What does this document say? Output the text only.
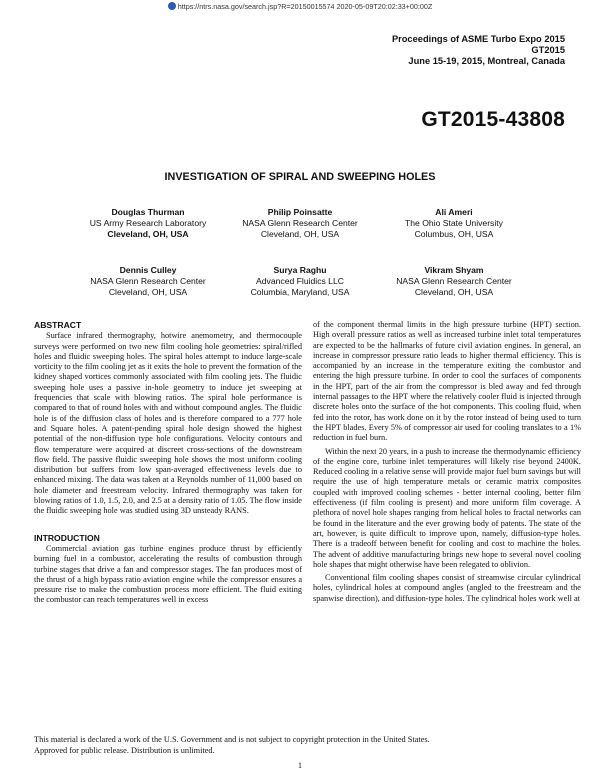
https://ntrs.nasa.gov/search.jsp?R=20150015574 2020-05-09T20:02:33+00:00Z
Proceedings of ASME Turbo Expo 2015
GT2015
June 15-19, 2015, Montreal, Canada
GT2015-43808
INVESTIGATION OF SPIRAL AND SWEEPING HOLES
Douglas Thurman
US Army Research Laboratory
Cleveland, OH, USA
Philip Poinsatte
NASA Glenn Research Center
Cleveland, OH, USA
Ali Ameri
The Ohio State University
Columbus, OH, USA
Dennis Culley
NASA Glenn Research Center
Cleveland, OH, USA
Surya Raghu
Advanced Fluidics LLC
Columbia, Maryland, USA
Vikram Shyam
NASA Glenn Research Center
Cleveland, OH, USA
ABSTRACT

Surface infrared thermography, hotwire anemometry, and thermocouple surveys were performed on two new film cooling hole geometries: spiral/rifled holes and fluidic sweeping holes. The spiral holes attempt to induce large-scale vorticity to the film cooling jet as it exits the hole to prevent the formation of the kidney shaped vortices commonly associated with film cooling jets. The fluidic sweeping hole uses a passive in-hole geometry to induce jet sweeping at frequencies that scale with blowing ratios. The spiral hole performance is compared to that of round holes with and without compound angles. The fluidic hole is of the diffusion class of holes and is therefore compared to a 777 hole and Square holes. A patent-pending spiral hole design showed the highest potential of the non-diffusion type hole configurations. Velocity contours and flow temperature were acquired at discreet cross-sections of the downstream flow field. The passive fluidic sweeping hole shows the most uniform cooling distribution but suffers from low span-averaged effectiveness levels due to enhanced mixing. The data was taken at a Reynolds number of 11,000 based on hole diameter and freestream velocity. Infrared thermography was taken for blowing ratios of 1.0, 1.5, 2.0, and 2.5 at a density ratio of 1.05. The flow inside the fluidic sweeping hole was studied using 3D unsteady RANS.

INTRODUCTION

Commercial aviation gas turbine engines produce thrust by efficiently burning fuel in a combustor, accelerating the results of combustion through turbine stages that drive a fan and compressor stages. The fan produces most of the thrust of a high bypass ratio aviation engine while the compressor ensures a pressure rise to make the combustion process more efficient. The fluid exiting the combustor can reach temperatures well in excess

of the component thermal limits in the high pressure turbine (HPT) section. High overall pressure ratios as well as increased turbine inlet total temperatures are expected to be the hallmarks of future civil aviation engines. In general, an increase in compressor pressure ratio leads to higher thermal efficiency. This is accompanied by an increase in the temperature exiting the combustor and entering the high pressure turbine. In order to cool the surfaces of components in the HPT, part of the air from the compressor is bled away and fed through internal passages to the HPT where the relatively cooler fluid is injected through discrete holes onto the surface of the hot components. This cooling fluid, when fed into the rotor, has work done on it by the rotor instead of being used to turn the HPT blades. Every 5% of compressor air used for cooling translates to a 1% reduction in fuel burn.

Within the next 20 years, in a push to increase the thermodynamic efficiency of the engine core, turbine inlet temperatures will likely rise beyond 2400K. Reduced cooling in a relative sense will provide major fuel burn savings but will require the use of high temperature metals or ceramic matrix composites coupled with improved cooling schemes - better internal cooling, better film effectiveness (if film cooling is present) and more uniform film coverage. A plethora of novel hole shapes ranging from helical holes to fractal networks can be found in the literature and the ever growing body of patents. The state of the art, however, is quite difficult to improve upon, namely, diffusion-type holes. There is a tradeoff between benefit for cooling and cost to machine the holes. The advent of additive manufacturing brings new hope to several novel cooling hole shapes that might otherwise have been relegated to oblivion.

Conventional film cooling shapes consist of streamwise circular cylindrical holes, cylindrical holes at compound angles (angled to the freestream and the spanwise direction), and diffusion-type holes. The cylindrical holes work well at

This material is declared a work of the U.S. Government and is not subject to copyright protection in the United States.
Approved for public release. Distribution is unlimited.
1
